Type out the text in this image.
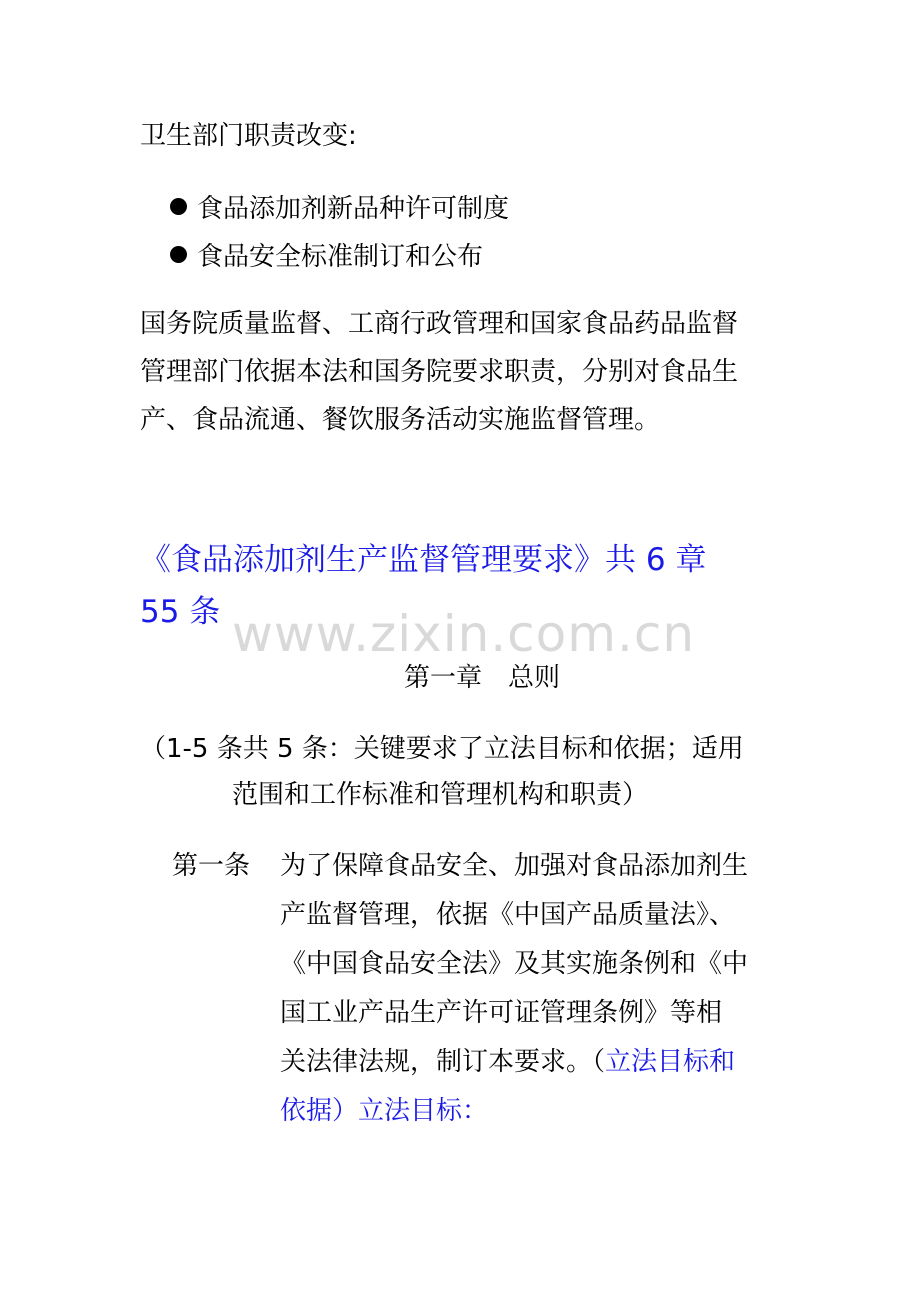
卫生部门职责改变:
食品添加剂新品种许可制度
食品安全标准制订和公布
国务院质量监督、工商行政管理和国家食品药品监督
管理部门依据本法和国务院要求职责，分别对食品生
产、食品流通、餐饮服务活动实施监督管理。
《食品添加剂生产监督管理要求》共 6 章
55 条 www.zixin.com.cn
第一章 总则
（1-5 条共 5 条：关键要求了立法目标和依据；适用
范围和工作标准和管理机构和职责）
第一条 为了保障食品安全、加强对食品添加剂生
产监督管理，依据《中国产品质量法》、
《中国食品安全法》及其实施条例和《中
国工业产品生产许可证管理条例》等相
关法律法规，制订本要求。（立法目标和
依据）立法目标：
